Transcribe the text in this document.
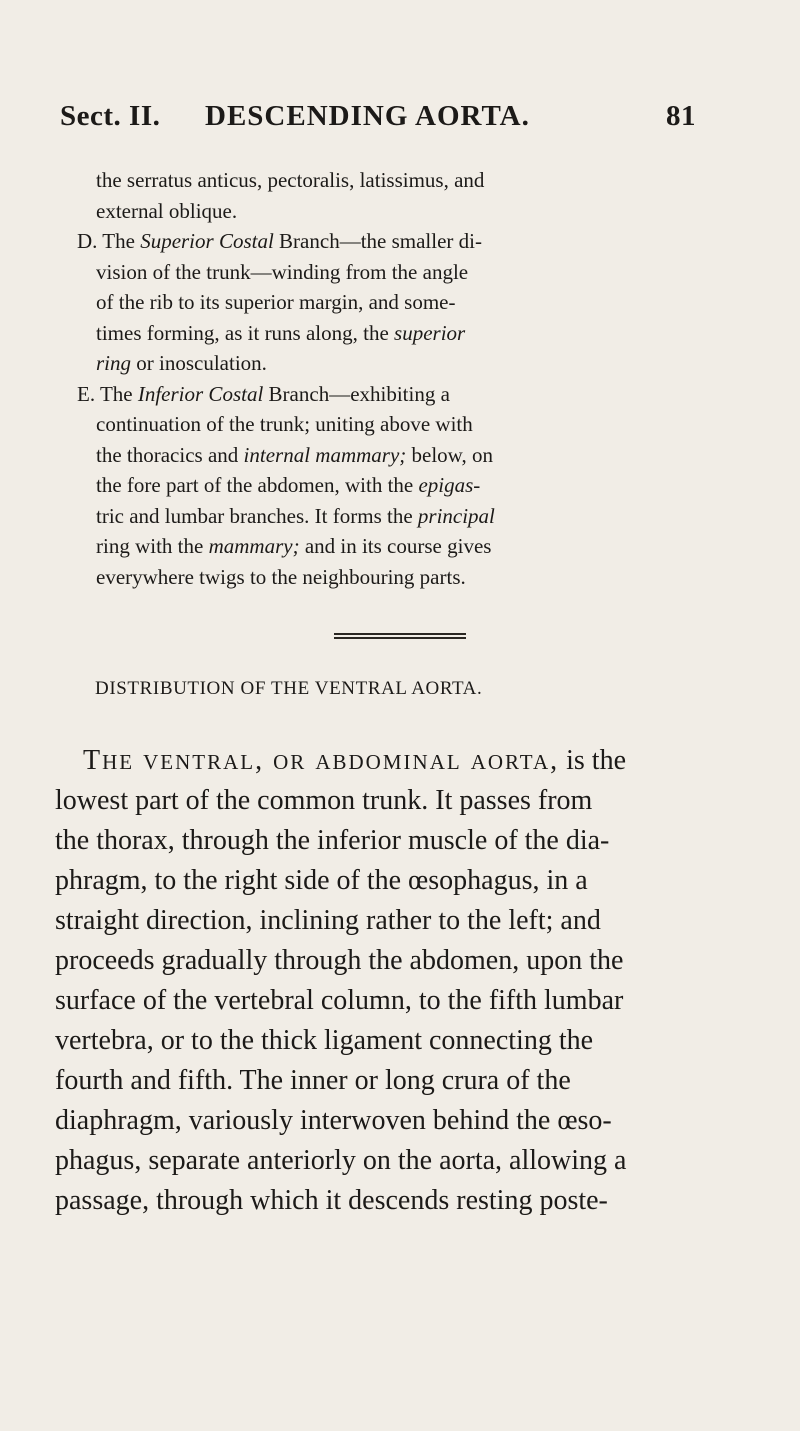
Sect. II. DESCENDING AORTA.	81
the serratus anticus, pectoralis, latissimus, and
external oblique.
D. The Superior Costal Branch—the smaller di-
vision of the trunk—winding from the angle
of the rib to its superior margin, and some-
times forming, as it runs along, the superior
ring or inosculation.
E. The Inferior Costal Branch—exhibiting a
continuation of the trunk; uniting above with
the thoracics and internal mammary; below, on
the fore part of the abdomen, with the epigas-
tric and lumbar branches. It forms the principal
ring with the mammary; and in its course gives
everywhere twigs to the neighbouring parts.
DISTRIBUTION OF THE VENTRAL AORTA.
THE VENTRAL, OR ABDOMINAL AORTA, is the
lowest part of the common trunk. It passes from
the thorax, through the inferior muscle of the dia-
phragm, to the right side of the œsophagus, in a
straight direction, inclining rather to the left; and
proceeds gradually through the abdomen, upon the
surface of the vertebral column, to the fifth lumbar
vertebra, or to the thick ligament connecting the
fourth and fifth. The inner or long crura of the
diaphragm, variously interwoven behind the œso-
phagus, separate anteriorly on the aorta, allowing a
passage, through which it descends resting poste-
